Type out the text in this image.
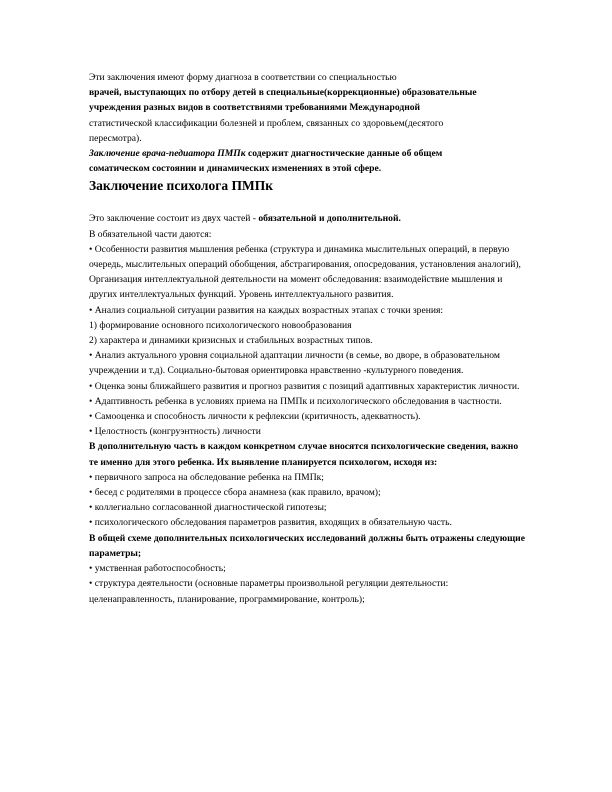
Эти заключения имеют форму диагноза в соответствии со специальностью
врачей, выступающих по отбору детей в специальные(коррекционные) образовательные
учреждения разных видов в соответствиями требованиями Международной
статистической классификации болезней и проблем, связанных со здоровьем(десятого
пересмотра).

Заключение врача-педиатора ПМПк содержит диагностические данные об общем
соматическом состоянии и динамических изменениях в этой сфере.

Заключение психолога ПМПк

Это заключение состоит из двух частей - обязательной и дополнительной.

В обязательной части даются:

• Особенности развития мышления ребенка (структура и динамика мыслительных операций, в первую очередь, мыслительных операций обобщения, абстрагирования, опосредования, установления аналогий), Организация интеллектуальной деятельности на момент обследования: взаимодействие мышления и других интеллектуальных функций. Уровень интеллектуального развития.

• Анализ социальной ситуации развития на каждых возрастных этапах с точки зрения:

1) формирование основного психологического новообразования

2) характера и динамики кризисных и стабильных возрастных типов.

• Анализ актуального уровня социальной адаптации личности (в семье, во дворе, в образовательном учреждении и т.д). Социально-бытовая ориентировка нравственно -культурного поведения.

• Оценка зоны ближайшего развития и прогноз развития с позиций адаптивных характеристик личности.

• Адаптивность ребенка в условиях приема на ПМПк и психологического обследования в частности.

• Самооценка и способность личности к рефлексии (критичность, адекватность).

• Целостность (конгруэнтность) личности

В дополнительную часть в каждом конкретном случае вносятся психологические сведения, важно те именно для этого ребенка. Их выявление планируется психологом, исходя из:

• первичного запроса на обследование ребенка на ПМПк;

• бесед с родителями в процессе сбора анамнеза (как правило, врачом);

• коллегиально согласованной диагностической гипотезы;

• психологического обследования параметров развития, входящих в обязательную часть.

В общей схеме дополнительных психологических исследований должны быть отражены следующие параметры;

• умственная работоспособность;

• структура деятельности (основные параметры произвольной регуляции деятельности: целенаправленность, планирование, программирование, контроль);
